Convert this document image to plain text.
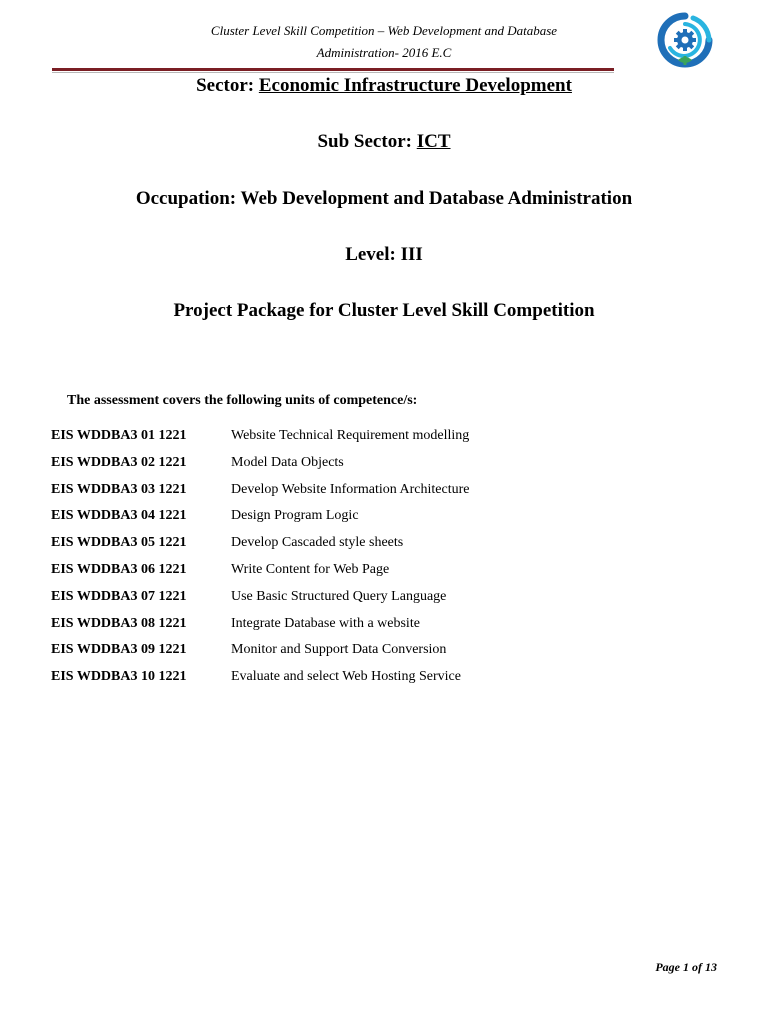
Cluster Level Skill Competition – Web Development and Database
Administration- 2016 E.C
Sector: Economic Infrastructure Development
Sub Sector: ICT
Occupation: Web Development and Database Administration
Level: III
Project Package for Cluster Level Skill Competition
The assessment covers the following units of competence/s:
EIS WDDBA3 01 1221	Website Technical Requirement modelling
EIS WDDBA3 02 1221	Model Data Objects
EIS WDDBA3 03 1221	Develop Website Information Architecture
EIS WDDBA3 04 1221	Design Program Logic
EIS WDDBA3 05 1221	Develop Cascaded style sheets
EIS WDDBA3 06 1221	Write Content for Web Page
EIS WDDBA3 07 1221	Use Basic Structured Query Language
EIS WDDBA3 08 1221	Integrate Database with a website
EIS WDDBA3 09 1221	Monitor and Support Data Conversion
EIS WDDBA3 10 1221	Evaluate and select Web Hosting Service
Page 1 of 13
